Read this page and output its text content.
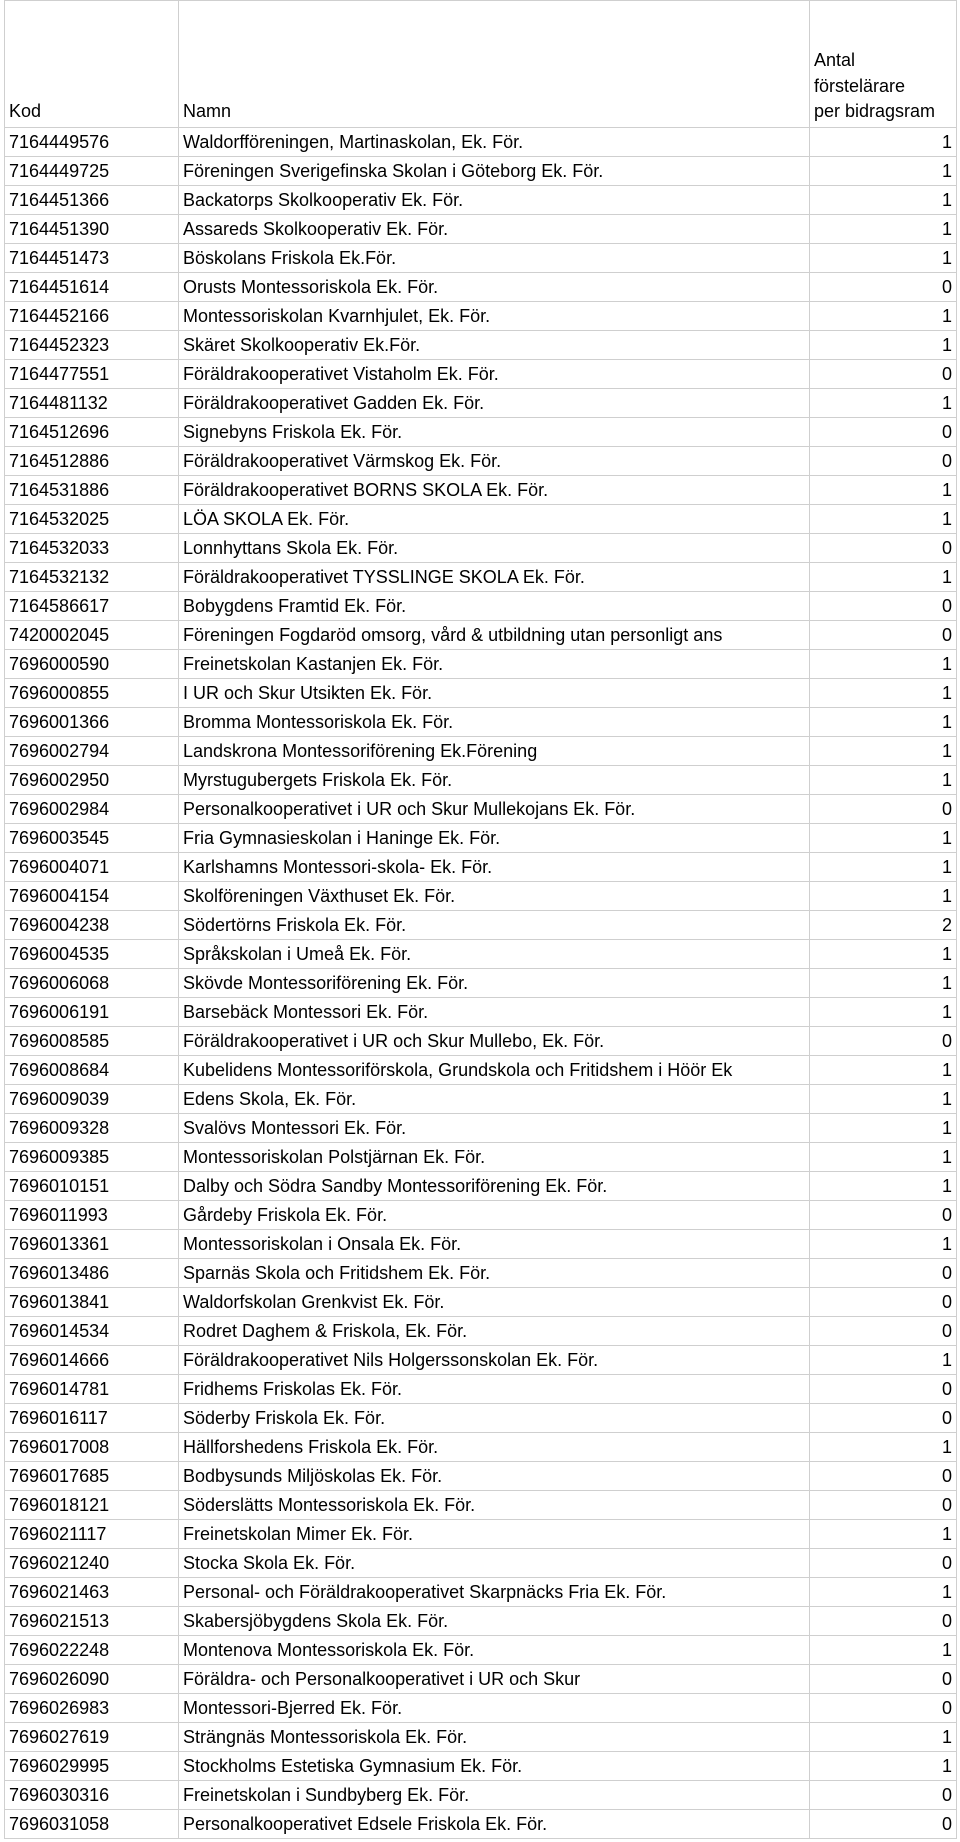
Kod	Namn	Antal
förstelärare
per bidragsram

7164449576	Waldorfföreningen, Martinaskolan, Ek. För.	1
7164449725	Föreningen Sverigefinska Skolan i Göteborg Ek. För.	1
7164451366	Backatorps Skolkooperativ Ek. För.	1
7164451390	Assareds Skolkooperativ Ek. För.	1
7164451473	Böskolans Friskola Ek.För.	1
7164451614	Orusts Montessoriskola Ek. För.	0
7164452166	Montessoriskolan Kvarnhjulet, Ek. För.	1
7164452323	Skäret Skolkooperativ Ek.För.	1
7164477551	Föräldrakooperativet Vistaholm Ek. För.	0
7164481132	Föräldrakooperativet Gadden Ek. För.	1
7164512696	Signebyns Friskola Ek. För.	0
7164512886	Föräldrakooperativet Värmskog Ek. För.	0
7164531886	Föräldrakooperativet BORNS SKOLA Ek. För.	1
7164532025	LÖA SKOLA Ek. För.	1
7164532033	Lonnhyttans Skola Ek. För.	0
7164532132	Föräldrakooperativet TYSSLINGE SKOLA Ek. För.	1
7164586617	Bobygdens Framtid Ek. För.	0
7420002045	Föreningen Fogdaröd omsorg, vård & utbildning utan personligt ans	0
7696000590	Freinetskolan Kastanjen Ek. För.	1
7696000855	I UR och Skur Utsikten Ek. För.	1
7696001366	Bromma Montessoriskola Ek. För.	1
7696002794	Landskrona Montessoriförening Ek.Förening	1
7696002950	Myrstugubergets Friskola Ek. För.	1
7696002984	Personalkooperativet i UR och Skur Mullekojans Ek. För.	0
7696003545	Fria Gymnasieskolan i Haninge Ek. För.	1
7696004071	Karlshamns Montessori-skola- Ek. För.	1
7696004154	Skolföreningen Växthuset Ek. För.	1
7696004238	Södertörns Friskola Ek. För.	2
7696004535	Språkskolan i Umeå Ek. För.	1
7696006068	Skövde Montessoriförening Ek. För.	1
7696006191	Barsebäck Montessori Ek. För.	1
7696008585	Föräldrakooperativet i UR och Skur Mullebo, Ek. För.	0
7696008684	Kubelidens Montessoriförskola, Grundskola och Fritidshem i Höör Ek	1
7696009039	Edens Skola, Ek. För.	1
7696009328	Svalövs Montessori Ek. För.	1
7696009385	Montessoriskolan Polstjärnan Ek. För.	1
7696010151	Dalby och Södra Sandby Montessoriförening Ek. För.	1
7696011993	Gårdeby Friskola Ek. För.	0
7696013361	Montessoriskolan i Onsala Ek. För.	1
7696013486	Sparnäs Skola och Fritidshem Ek. För.	0
7696013841	Waldorfskolan Grenkvist Ek. För.	0
7696014534	Rodret Daghem & Friskola, Ek. För.	0
7696014666	Föräldrakooperativet Nils Holgerssonskolan Ek. För.	1
7696014781	Fridhems Friskolas Ek. För.	0
7696016117	Söderby Friskola Ek. För.	0
7696017008	Hällforshedens Friskola Ek. För.	1
7696017685	Bodbysunds Miljöskolas Ek. För.	0
7696018121	Söderslätts Montessoriskola Ek. För.	0
7696021117	Freinetskolan Mimer Ek. För.	1
7696021240	Stocka Skola Ek. För.	0
7696021463	Personal- och Föräldrakooperativet Skarpnäcks Fria Ek. För.	1
7696021513	Skabersjöbygdens Skola Ek. För.	0
7696022248	Montenova Montessoriskola Ek. För.	1
7696026090	Föräldra- och Personalkooperativet i UR och Skur	0
7696026983	Montessori-Bjerred Ek. För.	0
7696027619	Strängnäs Montessoriskola Ek. För.	1
7696029995	Stockholms Estetiska Gymnasium Ek. För.	1
7696030316	Freinetskolan i Sundbyberg Ek. För.	0
7696031058	Personalkooperativet Edsele Friskola Ek. För.	0
